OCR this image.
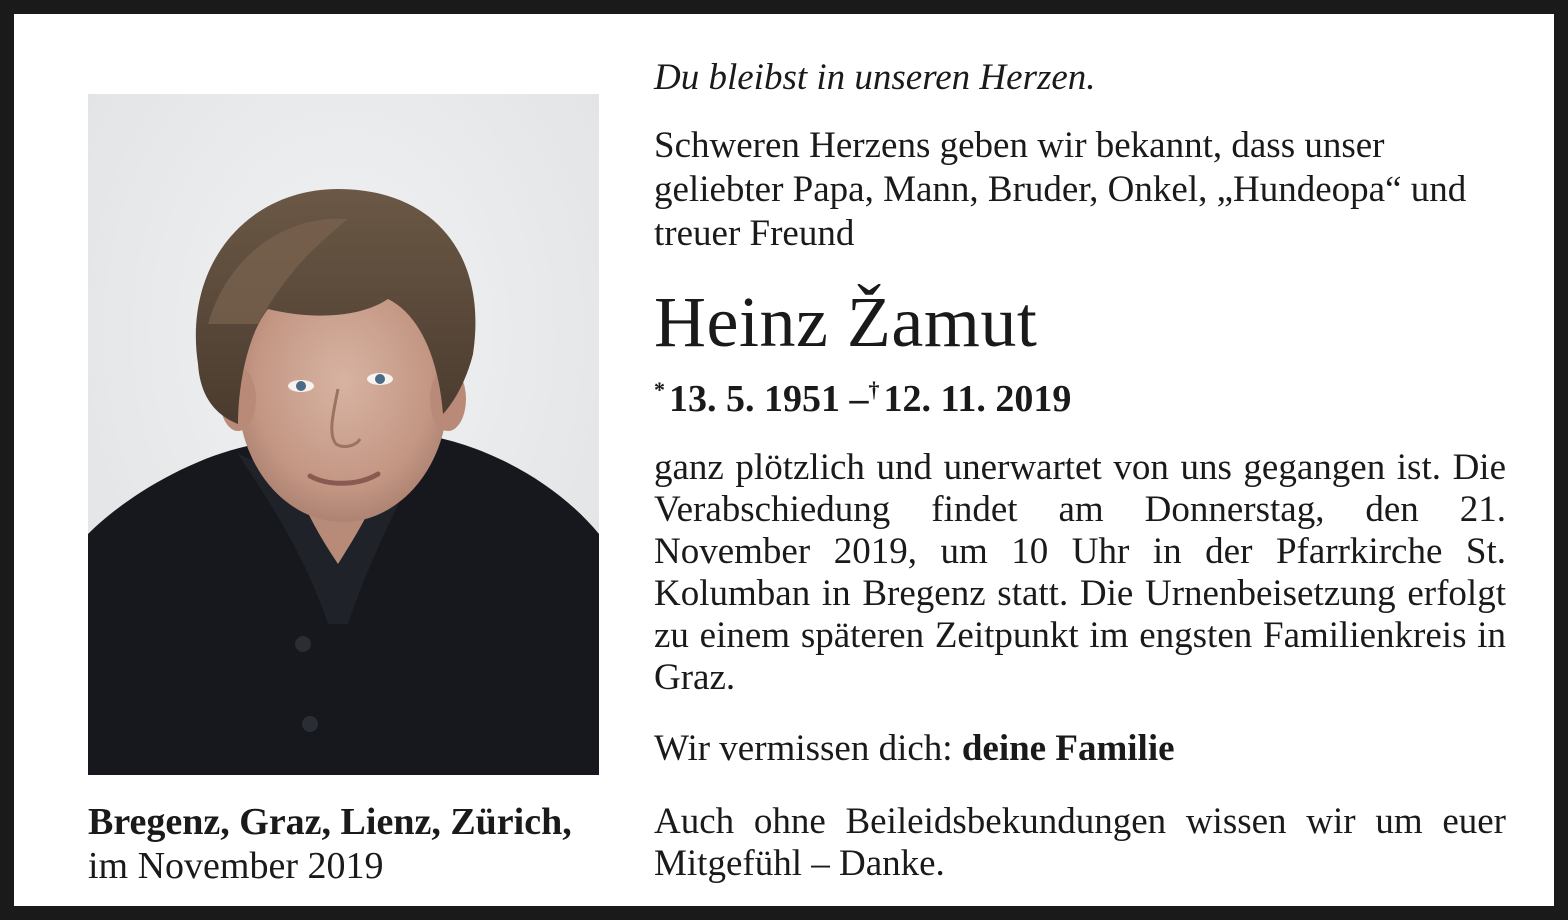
Bregenz, Graz, Lienz, Zürich, im November 2019

Du bleibst in unseren Herzen.

Schweren Herzens geben wir bekannt, dass unser geliebter Papa, Mann, Bruder, Onkel, „Hundeopa“ und treuer Freund

Heinz Žamut

* 13. 5. 1951 –† 12. 11. 2019

ganz plötzlich und unerwartet von uns gegangen ist. Die Verabschiedung findet am Donnerstag, den 21. November 2019, um 10 Uhr in der Pfarrkirche St. Kolumban in Bregenz statt. Die Urnenbeisetzung erfolgt zu einem späteren Zeitpunkt im engsten Familienkreis in Graz.

Wir vermissen dich: deine Familie

Auch ohne Beileidsbekundungen wissen wir um euer Mitgefühl – Danke.
